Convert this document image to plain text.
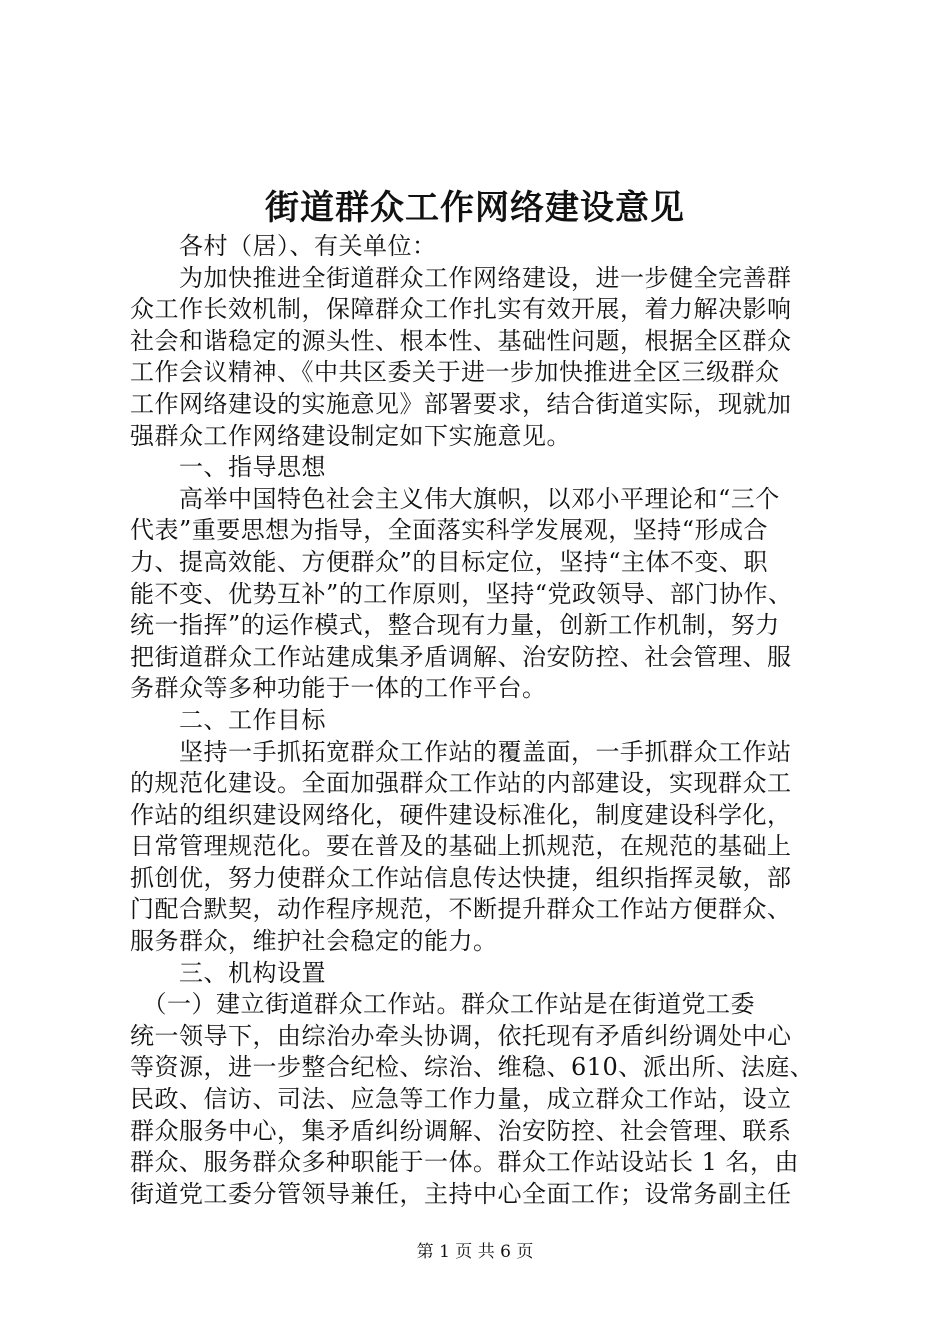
街道群众工作网络建设意见
　　各村（居）、有关单位：
　　为加快推进全街道群众工作网络建设，进一步健全完善群
众工作长效机制，保障群众工作扎实有效开展，着力解决影响
社会和谐稳定的源头性、根本性、基础性问题，根据全区群众
工作会议精神、《中共区委关于进一步加快推进全区三级群众
工作网络建设的实施意见》部署要求，结合街道实际，现就加
强群众工作网络建设制定如下实施意见。
　　一、指导思想
　　高举中国特色社会主义伟大旗帜，以邓小平理论和“三个
代表”重要思想为指导，全面落实科学发展观，坚持“形成合
力、提高效能、方便群众”的目标定位，坚持“主体不变、职
能不变、优势互补”的工作原则，坚持“党政领导、部门协作、
统一指挥”的运作模式，整合现有力量，创新工作机制，努力
把街道群众工作站建成集矛盾调解、治安防控、社会管理、服
务群众等多种功能于一体的工作平台。
　　二、工作目标
　　坚持一手抓拓宽群众工作站的覆盖面，一手抓群众工作站
的规范化建设。全面加强群众工作站的内部建设，实现群众工
作站的组织建设网络化，硬件建设标准化，制度建设科学化，
日常管理规范化。要在普及的基础上抓规范，在规范的基础上
抓创优，努力使群众工作站信息传达快捷，组织指挥灵敏，部
门配合默契，动作程序规范，不断提升群众工作站方便群众、
服务群众，维护社会稳定的能力。
　　三、机构设置
　（一）建立街道群众工作站。群众工作站是在街道党工委
统一领导下，由综治办牵头协调，依托现有矛盾纠纷调处中心
等资源，进一步整合纪检、综治、维稳、610、派出所、法庭、
民政、信访、司法、应急等工作力量，成立群众工作站，设立
群众服务中心，集矛盾纠纷调解、治安防控、社会管理、联系
群众、服务群众多种职能于一体。群众工作站设站长 1 名，由
街道党工委分管领导兼任，主持中心全面工作；设常务副主任
第 1 页 共 6 页
